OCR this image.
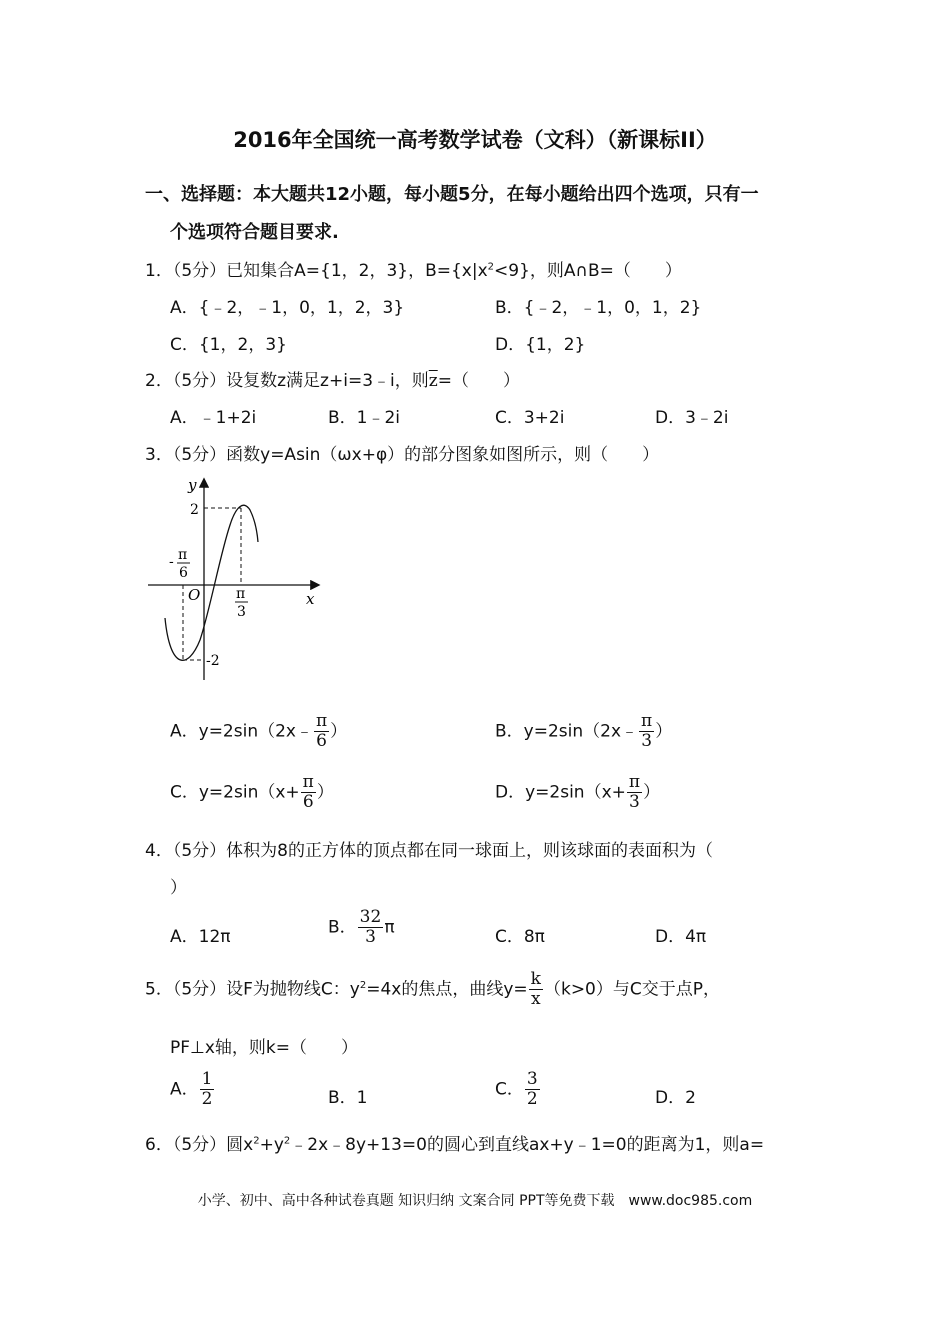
2016年全国统一高考数学试卷（文科）（新课标II）
一、选择题：本大题共12小题，每小题5分，在每小题给出四个选项，只有一
个选项符合题目要求.
1．（5分）已知集合A={1，2，3}，$B=\{x|x^2<9\}$，则A∩B=（　　）
A．{﹣2，﹣1，0，1，2，3}	B．{﹣2，﹣1，0，1，2}
C．{1，2，3}	D．{1，2}
2．（5分）设复数z满足z+i=3﹣i，则$\overline{z}=$（　　）
A．﹣1+2i	B．1﹣2i	C．3+2i	D．3﹣2i
3．（5分）函数y=Asin（ωx+φ）的部分图象如图所示，则（　　）
y
x
O
2
-2
- π
6
π
3
A．y=2sin（2x﹣ $\frac{\pi}{6}$ ）	B．y=2sin（2x﹣ $\frac{\pi}{3}$ ）
C．$y=2\sin(x+ \frac{\pi}{6}$ ）	D．$y=2\sin(x+ \frac{\pi}{3}$ ）
4．（5分）体积为8的正方体的顶点都在同一球面上，则该球面的表面积为（
）
A．12π	B． $\frac{32}{3}$ π	C．8π	D．4π
5．（5分）设F为抛物线C：$y^2=4x$的焦点，曲线$y= \frac{k}{x} (k>0)$与C交于点P，
PF⊥x轴，则k=（　　）
A． $\frac{1}{2}$	B．1	C． $\frac{3}{2}$	D．2
6．（5分）圆$x^2+y^2﹣2x﹣8y+13=0$的圆心到直线ax+y﹣1=0的距离为1，则a=
小学、初中、高中各种试卷真题 知识归纳 文案合同 PPT等免费下载　www.doc985.com
